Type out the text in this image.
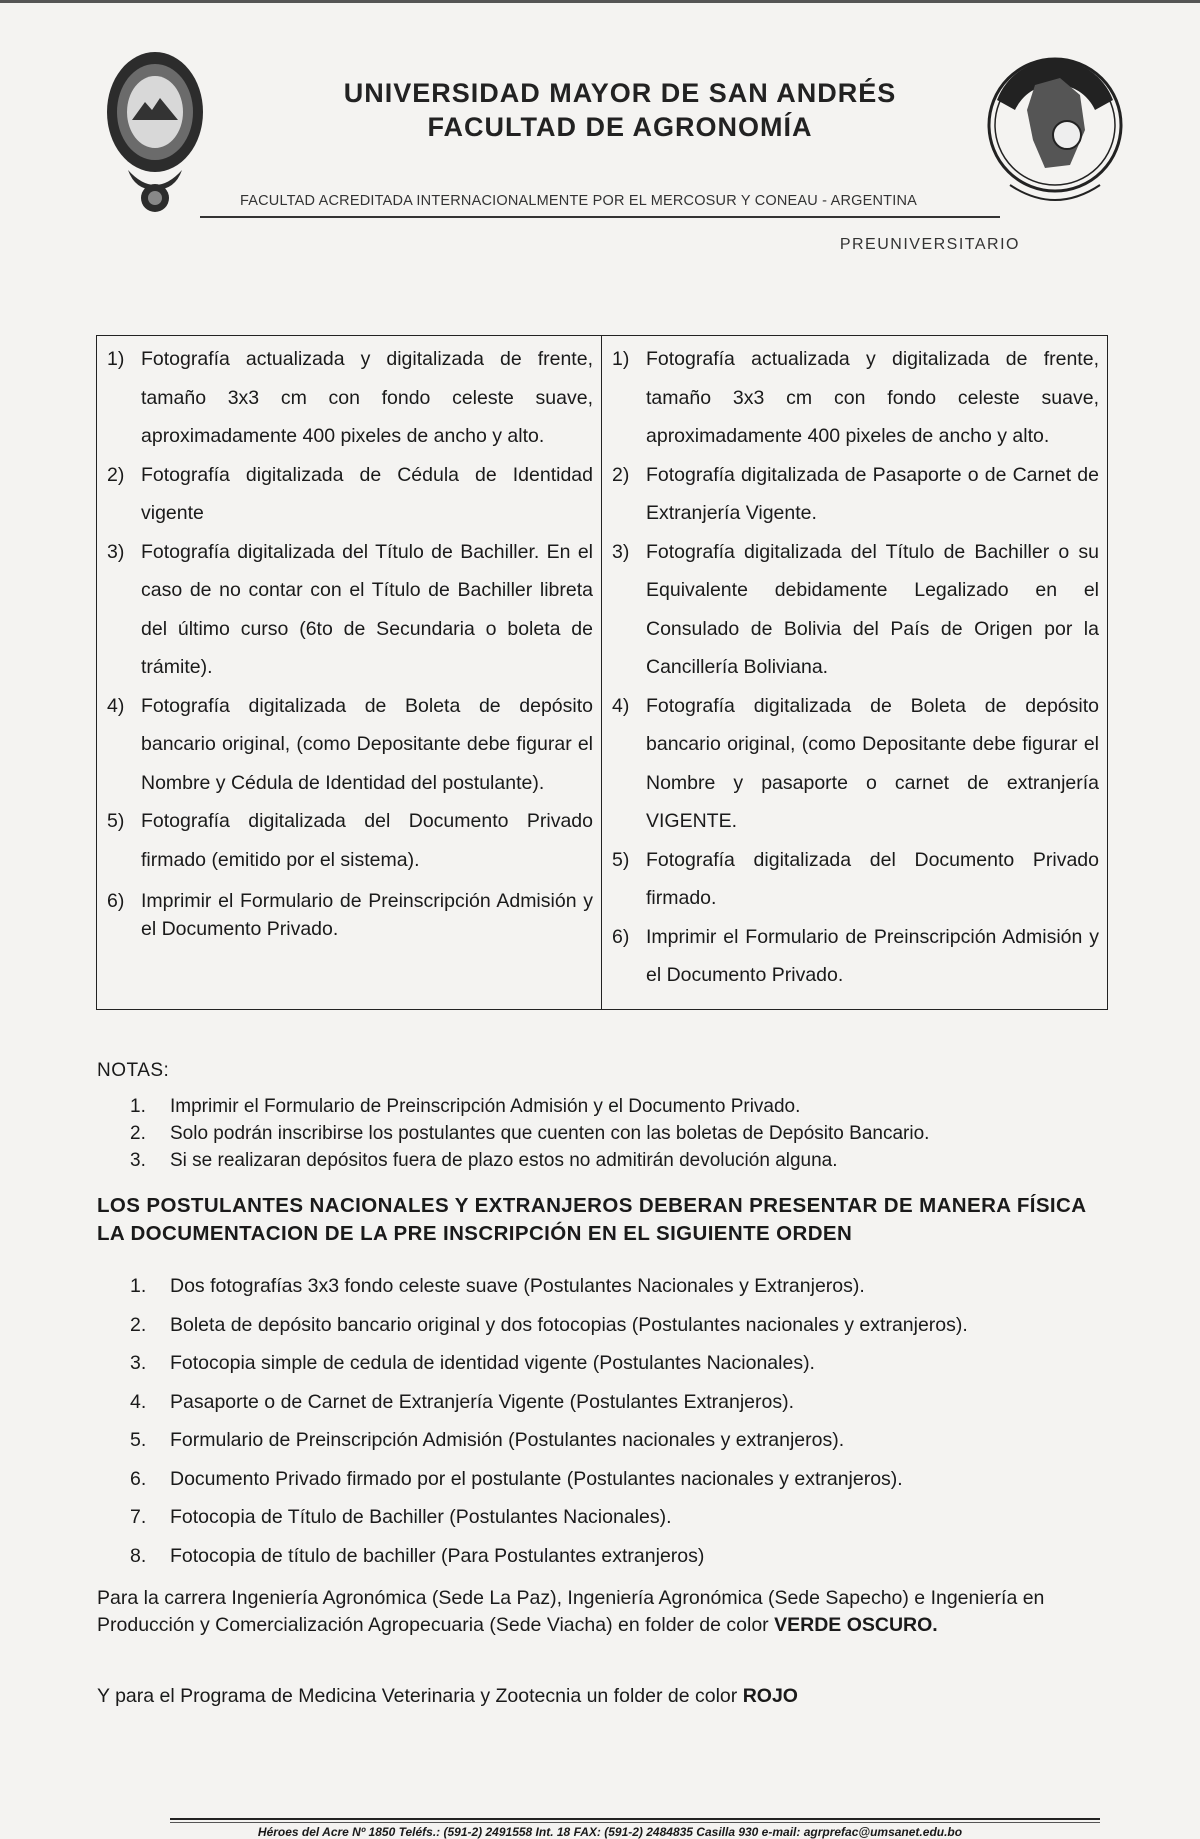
UNIVERSIDAD MAYOR DE SAN ANDRÉS
FACULTAD DE AGRONOMÍA
FACULTAD ACREDITADA INTERNACIONALMENTE POR EL MERCOSUR Y CONEAU - ARGENTINA
PREUNIVERSITARIO
1) Fotografía actualizada y digitalizada de frente, tamaño 3x3 cm con fondo celeste suave, aproximadamente 400 pixeles de ancho y alto.
2) Fotografía digitalizada de Cédula de Identidad vigente
3) Fotografía digitalizada del Título de Bachiller. En el caso de no contar con el Título de Bachiller libreta del último curso (6to de Secundaria o boleta de trámite).
4) Fotografía digitalizada de Boleta de depósito bancario original, (como Depositante debe figurar el Nombre y Cédula de Identidad del postulante).
5) Fotografía digitalizada del Documento Privado firmado (emitido por el sistema).
6) Imprimir el Formulario de Preinscripción Admisión y el Documento Privado.
1) Fotografía actualizada y digitalizada de frente, tamaño 3x3 cm con fondo celeste suave, aproximadamente 400 pixeles de ancho y alto.
2) Fotografía digitalizada de Pasaporte o de Carnet de Extranjería Vigente.
3) Fotografía digitalizada del Título de Bachiller o su Equivalente debidamente Legalizado en el Consulado de Bolivia del País de Origen por la Cancillería Boliviana.
4) Fotografía digitalizada de Boleta de depósito bancario original, (como Depositante debe figurar el Nombre y pasaporte o carnet de extranjería VIGENTE.
5) Fotografía digitalizada del Documento Privado firmado.
6) Imprimir el Formulario de Preinscripción Admisión y el Documento Privado.
NOTAS:
1.	Imprimir el Formulario de Preinscripción Admisión y el Documento Privado.
2.	Solo podrán inscribirse los postulantes que cuenten con las boletas de Depósito Bancario.
3.	Si se realizaran depósitos fuera de plazo estos no admitirán devolución alguna.
LOS POSTULANTES NACIONALES Y EXTRANJEROS DEBERAN PRESENTAR DE MANERA FÍSICA LA DOCUMENTACION DE LA PRE INSCRIPCIÓN EN EL SIGUIENTE ORDEN
1.	Dos fotografías 3x3 fondo celeste suave (Postulantes Nacionales y Extranjeros).
2.	Boleta de depósito bancario original y dos fotocopias (Postulantes nacionales y extranjeros).
3.	Fotocopia simple de cedula de identidad vigente (Postulantes Nacionales).
4.	Pasaporte o de Carnet de Extranjería Vigente (Postulantes Extranjeros).
5.	Formulario de Preinscripción Admisión (Postulantes nacionales y extranjeros).
6.	Documento Privado firmado por el postulante (Postulantes nacionales y extranjeros).
7.	Fotocopia de Título de Bachiller (Postulantes Nacionales).
8.	Fotocopia de título de bachiller (Para Postulantes extranjeros)
Para la carrera Ingeniería Agronómica (Sede La Paz), Ingeniería Agronómica (Sede Sapecho) e Ingeniería en Producción y Comercialización Agropecuaria (Sede Viacha) en folder de color VERDE OSCURO.
Y para el Programa de Medicina Veterinaria y Zootecnia un folder de color ROJO
Héroes del Acre Nº 1850 Teléfs.: (591-2) 2491558 Int. 18 FAX: (591-2) 2484835 Casilla 930 e-mail: agrprefac@umsanet.edu.bo
